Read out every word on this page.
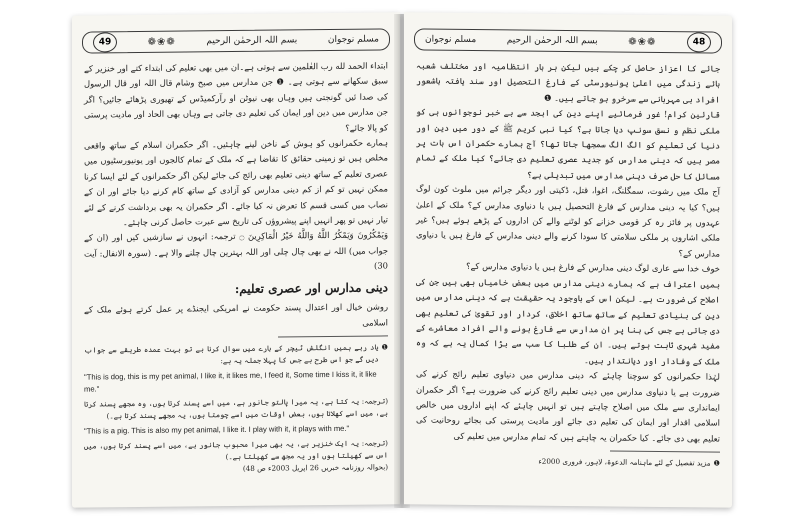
49	❁❀❁	بسم اللہ الرحمٰن الرحیم	مسلم نوجوان

ابتداء الحمد لله رب العٰلمين سے ہوتی ہے۔ان میں بھی تعلیم کی ابتداء کتے اور خنزیر کے سبق سکھانے سے ہوتی ہے۔ ❶ جن مدارس میں صبح وشام قال اللہ اور قال الرسول کی صدا ئیں گونجتی ہیں وہاں بھی نیوٹن او رآرکمیڈس کے تھیوری پڑھائے جائیں؟ اگر جن مدارس میں دین اور ایمان کی تعلیم دی جاتی ہے وہاں بھی الحاد اور مادیت پرستی کو پالا جائے؟

ہمارے حکمرانوں کو ہوش کے ناخن لینے چاہئیں۔ اگر حکمران اسلام کے ساتھ واقعی مخلص ہیں تو زمینی حقائق کا تقاضا ہے کہ ملک کے تمام کالجوں اور یونیورسٹیوں میں عصری تعلیم کے ساتھ دینی تعلیم بھی رائج کی جائے لیکن اگر حکمرانوں کے لئے ایسا کرنا ممکن نہیں تو کم از کم دینی مدارس کو آزادی کے ساتھ کام کرنے دیا جائے اور ان کے نصاب میں کسی قسم کا تعرض نہ کیا جائے۔ اگر حکمران یہ بھی برداشت کرنے کے لئے تیار نہیں تو پھر انہیں اپنے پیشروؤں کی تاریخ سے عبرت حاصل کرنی چاہئے۔

وَيَمْكُرُونَ وَيَمْكُرُ اللَّهُ وَاللَّهُ خَيْرُ الْمَاكِرِينَ ۝ ترجمہ: انہوں نے سازشیں کیں اور (ان کے جواب میں) اللہ نے بھی چال چلی اور اللہ بہترین چال چلنے والا ہے۔ (سورہ الانفال: آیت 30)

دینی مدارس اور عصری تعلیم:

روشن خیال اور اعتدال پسند حکومت نے امریکی ایجنڈے پر عمل کرتے ہوئے ملک کے اسلامی

❶
یاد رہے ہمیں انگلش ٹیچر کے بارے میں سوال کرنا ہے تو بہت عمدہ طریقے سے جواب دیں گے جو اس طرح ہے جس کا پہلا جملہ یہ ہے:

"This is dog, this is my pet animal, I like it, it likes me, I feed it, Some time I kiss it, it like me."

(ترجمہ: یہ کتا ہے، یہ میرا پالتو جانور ہے، میں اسے پسند کرتا ہوں، وہ مجھے پسند کرتا ہے، میں اسے کھلاتا ہوں، بعض اوقات میں اسے چومتا ہوں، یہ مجھے پسند کرتا ہے۔)

"This is a pig. This is also my pet animal, I like it. I play with it, it plays with me."

(ترجمہ: یہ ایک خنزیر ہے، یہ بھی میرا محبوب جانور ہے، میں اسے پسند کرتا ہوں، میں اس سے کھیلتا ہوں اور یہ مجھ سے کھیلتا ہے۔)

(بحوالہ روزنامہ خبریں 26 اپریل 2003ء ص 48)

مسلم نوجوان	بسم اللہ الرحمٰن الرحیم	❁❀❁	48

جائے کا اعزاز حاصل کر چکے ہیں لیکن ہر بار انتظامیہ اور مختلف شعبہ ہائے زندگی میں اعلیٰ یونیورسٹی کے فارغ التحصیل اور سند یافتہ باشعور افراد ہی مہربانی سے سرخرو ہو جاتے ہیں۔ ❶

قارئین کرام! غور فرمائیے اپنے دین کی ابجد سے بے خبر نوجوانوں ہی کو ملکی نظم و نسق سونپ دیا جاتا ہے؟ کیا نبی کریم ﷺ کے دور میں دین اور دنیا کی تعلیم کو الگ الگ سمجھا جاتا تھا؟ آج ہمارے حکمران اس بات پر مصر ہیں کہ دینی مدارس کو جدید عصری تعلیم دی جائے؟ کیا ملک کے تمام مسائل کا حل صرف دینی مدارس میں تبدیلی ہے؟

آج ملک میں رشوت، سمگلنگ، اغوا، قتل، ڈکیتی اور دیگر جرائم میں ملوث کون لوگ ہیں؟ کیا یہ دینی مدارس کے فارغ التحصیل ہیں یا دنیاوی مدارس کے؟ ملک کے اعلیٰ عہدوں پر فائز رہ کر قومی خزانے کو لوٹنے والے کن اداروں کے پڑھے ہوئے ہیں؟ غیر ملکی اشاروں پر ملکی سلامتی کا سودا کرنے والے دینی مدارس کے فارغ ہیں یا دنیاوی مدارس کے؟

خوف خدا سے عاری لوگ دینی مدارس کے فارغ ہیں یا دنیاوی مدارس کے؟

ہمیں اعتراف ہے کہ ہمارے دینی مدارس میں بعض خامیاں بھی ہیں جن کی اصلاح کی ضرورت ہے۔ لیکن اس کے باوجود یہ حقیقت ہے کہ دینی مدارس میں دین کی بنیادی تعلیم کے ساتھ ساتھ اخلاق، کردار اور تقویٰ کی تعلیم بھی دی جاتی ہے جس کی بنا پر ان مدارس سے فارغ ہونے والے افراد معاشرے کے مفید شہری ثابت ہوتے ہیں۔ ان کے طلبا کا سب سے بڑا کمال یہ ہے کہ وہ ملک کے وفادار اور دیانتدار ہیں۔

لہٰذا حکمرانوں کو سوچنا چاہئے کہ دینی مدارس میں دنیاوی تعلیم رائج کرنے کی ضرورت ہے یا دنیاوی مدارس میں دینی تعلیم رائج کرنے کی ضرورت ہے؟ اگر حکمران ایمانداری سے ملک میں اصلاح چاہتے ہیں تو انہیں چاہئے کہ اپنے اداروں میں خالص اسلامی اقدار اور ایمان کی تعلیم دی جائے اور مادیت پرستی کی بجائے روحانیت کی تعلیم بھی دی جائے۔ کیا حکمران یہ چاہتے ہیں کہ تمام مدارس میں تعلیم کی

❶
مزید تفصیل کے لئے ماہنامہ الدعوۃ، لاہور، فروری 2000ء
